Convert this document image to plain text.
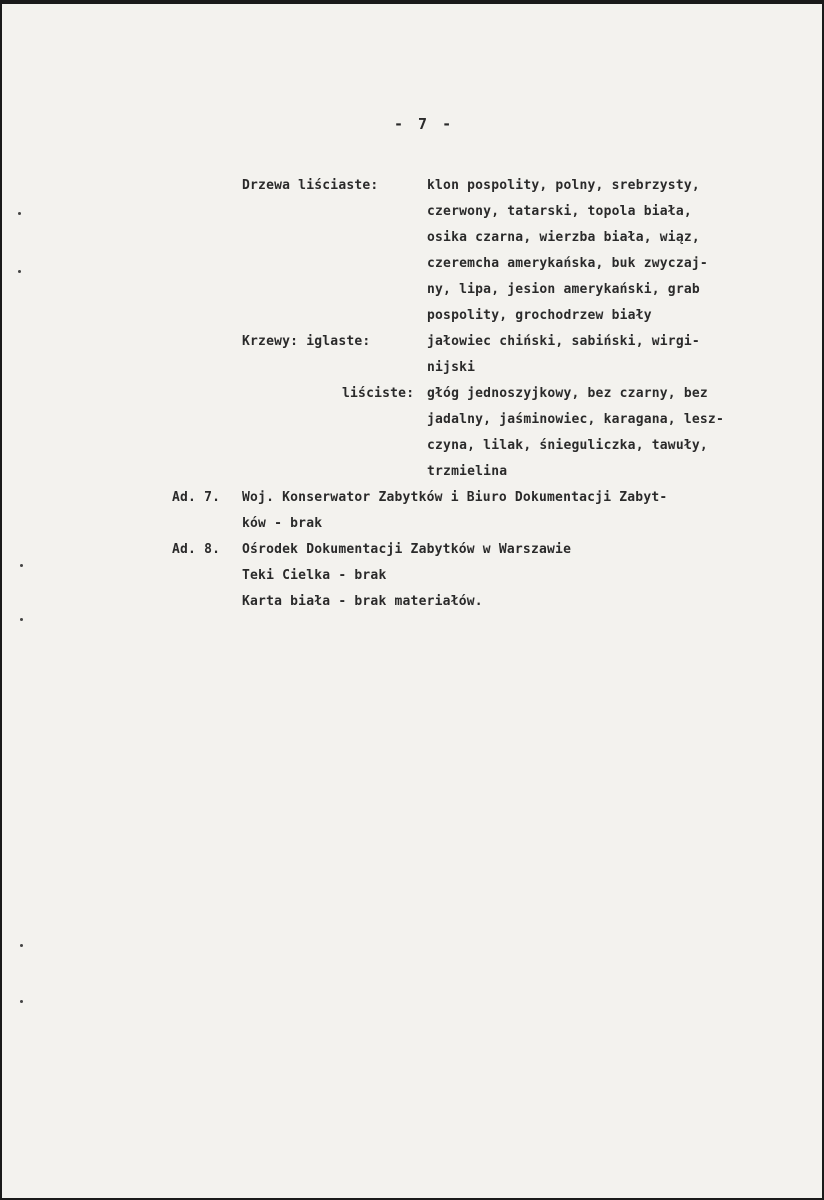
- 7 -
Drzewa liściaste:	klon pospolity, polny, srebrzysty,
czerwony, tatarski, topola biała,
osika czarna, wierzba biała, wiąz,
czeremcha amerykańska, buk zwyczaj-
ny, lipa, jesion amerykański, grab
pospolity, grochodrzew biały
Krzewy: iglaste:	jałowiec chiński, sabiński, wirgi-
nijski
liściste: głóg jednoszyjkowy, bez czarny, bez
jadalny, jaśminowiec, karagana, lesz-
czyna, lilak, śnieguliczka, tawuły,
trzmielina
Ad. 7. Woj. Konserwator Zabytków i Biuro Dokumentacji Zabyt-
ków - brak
Ad. 8. Ośrodek Dokumentacji Zabytków w Warszawie
Teki Cielka - brak
Karta biała - brak materiałów.
